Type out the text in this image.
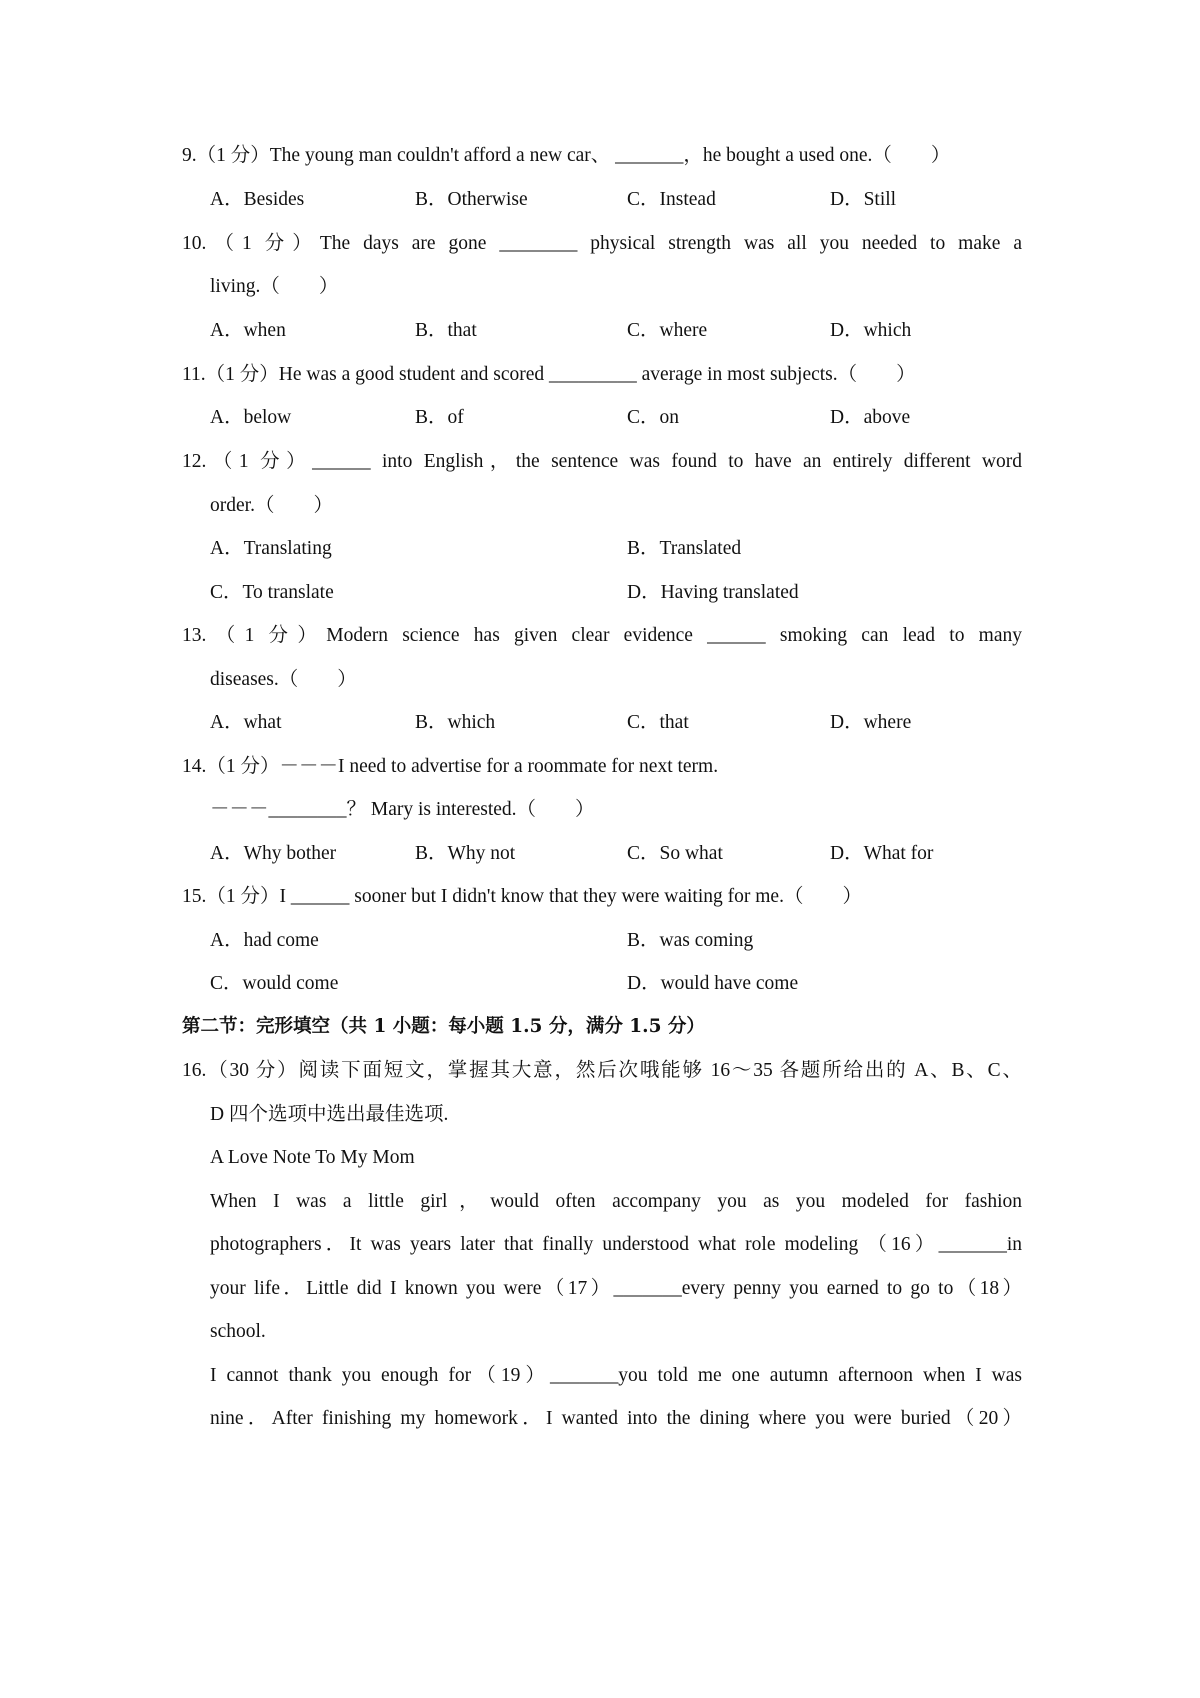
9.（1 分）The young man couldn't afford a new car、 _______，he bought a used one.（　　）
A．Besides	B．Otherwise	C．Instead	D．Still
10.（1 分）The days are gone ________ physical strength was all you needed to make a
living.（　　）
A．when	B．that	C．where	D．which
11.（1 分）He was a good student and scored _________ average in most subjects.（　　）
A．below	B．of	C．on	D．above
12.（1 分）______ into English，the sentence was found to have an entirely different word
order.（　　）
A．Translating	B．Translated
C．To translate	D．Having translated
13.（1 分）Modern science has given clear evidence ______ smoking can lead to many
diseases.（　　）
A．what	B．which	C．that	D．where
14.（1 分）－－－I need to advertise for a roommate for next term.
－－－________？ Mary is interested.（　　）
A．Why bother	B．Why not	C．So what	D．What for
15.（1 分）I ______ sooner but I didn't know that they were waiting for me.（　　）
A．had come	B．was coming
C．would come	D．would have come
第二节：完形填空（共 1 小题：每小题 1.5 分，满分 1.5 分）
16.（30 分）阅读下面短文，掌握其大意，然后次哦能够 16～35 各题所给出的 A、B、C、
D 四个选项中选出最佳选项.
A Love Note To My Mom
When I was a little girl，would often accompany you as you modeled for fashion
photographers．It was years later that finally understood what role modeling （16）_______in
your life．Little did I known you were（17）_______every penny you earned to go to（18）
school.
I cannot thank you enough for（19）_______you told me one autumn afternoon when I was
nine．After finishing my homework．I wanted into the dining where you were buried（20）
